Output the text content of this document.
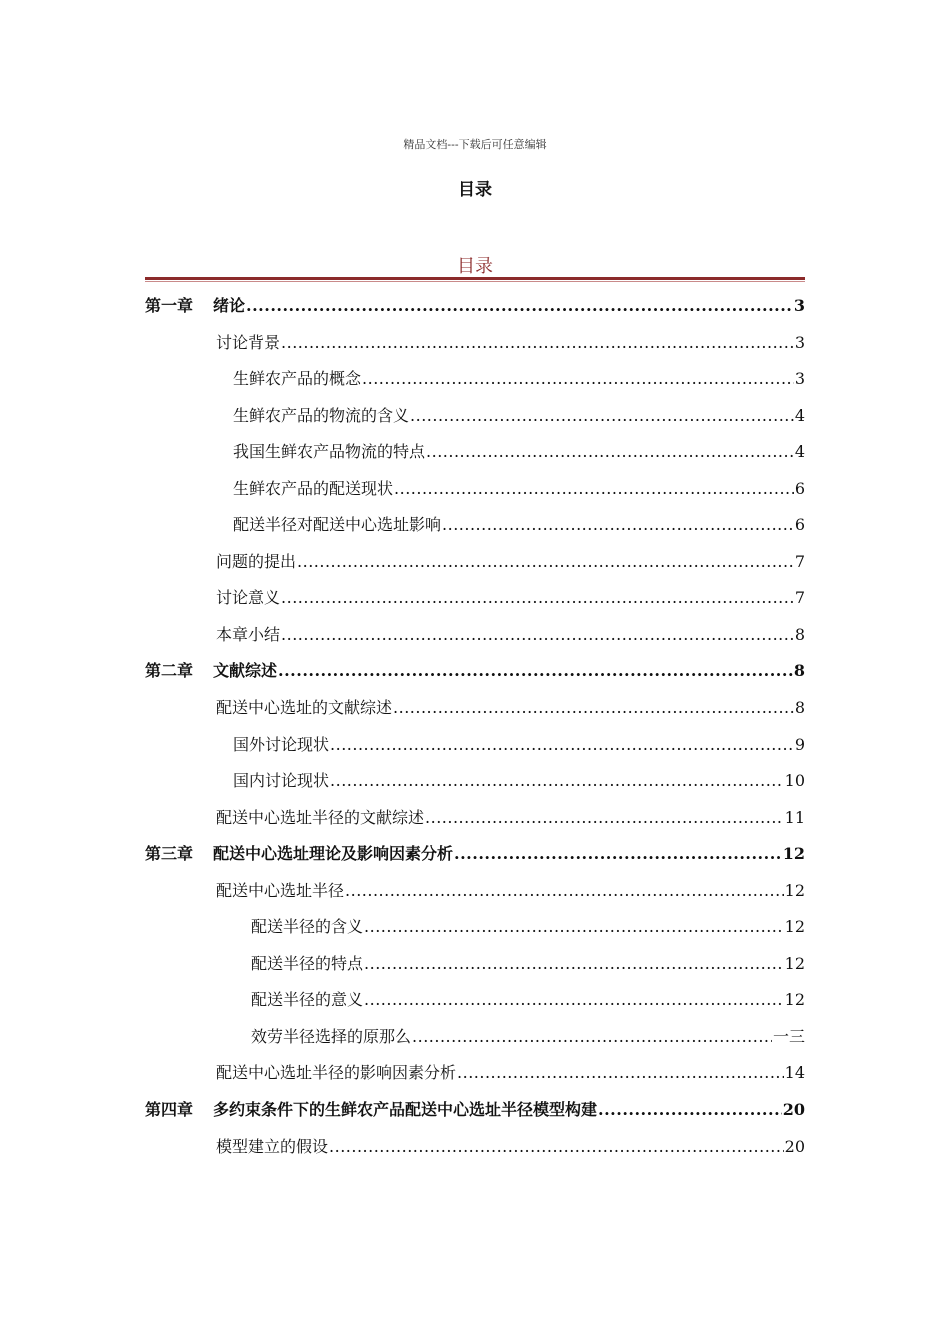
精品文档---下载后可任意编辑
目录
目录
第一章 绪论 .....	3
讨论背景 .....	3
生鲜农产品的概念 .....	3
生鲜农产品的物流的含义 .....	4
我国生鲜农产品物流的特点 .....	4
生鲜农产品的配送现状 .....	6
配送半径对配送中心选址影响 .....	6
问题的提出 .....	7
讨论意义 .....	7
本章小结 .....	8
第二章 文献综述 .....	8
配送中心选址的文献综述 .....	8
国外讨论现状 .....	9
国内讨论现状 .....	10
配送中心选址半径的文献综述 .....	11
第三章 配送中心选址理论及影响因素分析 .....	12
配送中心选址半径 .....	12
配送半径的含义 .....	12
配送半径的特点 .....	12
配送半径的意义 .....	12
效劳半径选择的原那么 .....	一三
配送中心选址半径的影响因素分析 .....	14
第四章 多约束条件下的生鲜农产品配送中心选址半径模型构建 .....	20
模型建立的假设 .....	20
